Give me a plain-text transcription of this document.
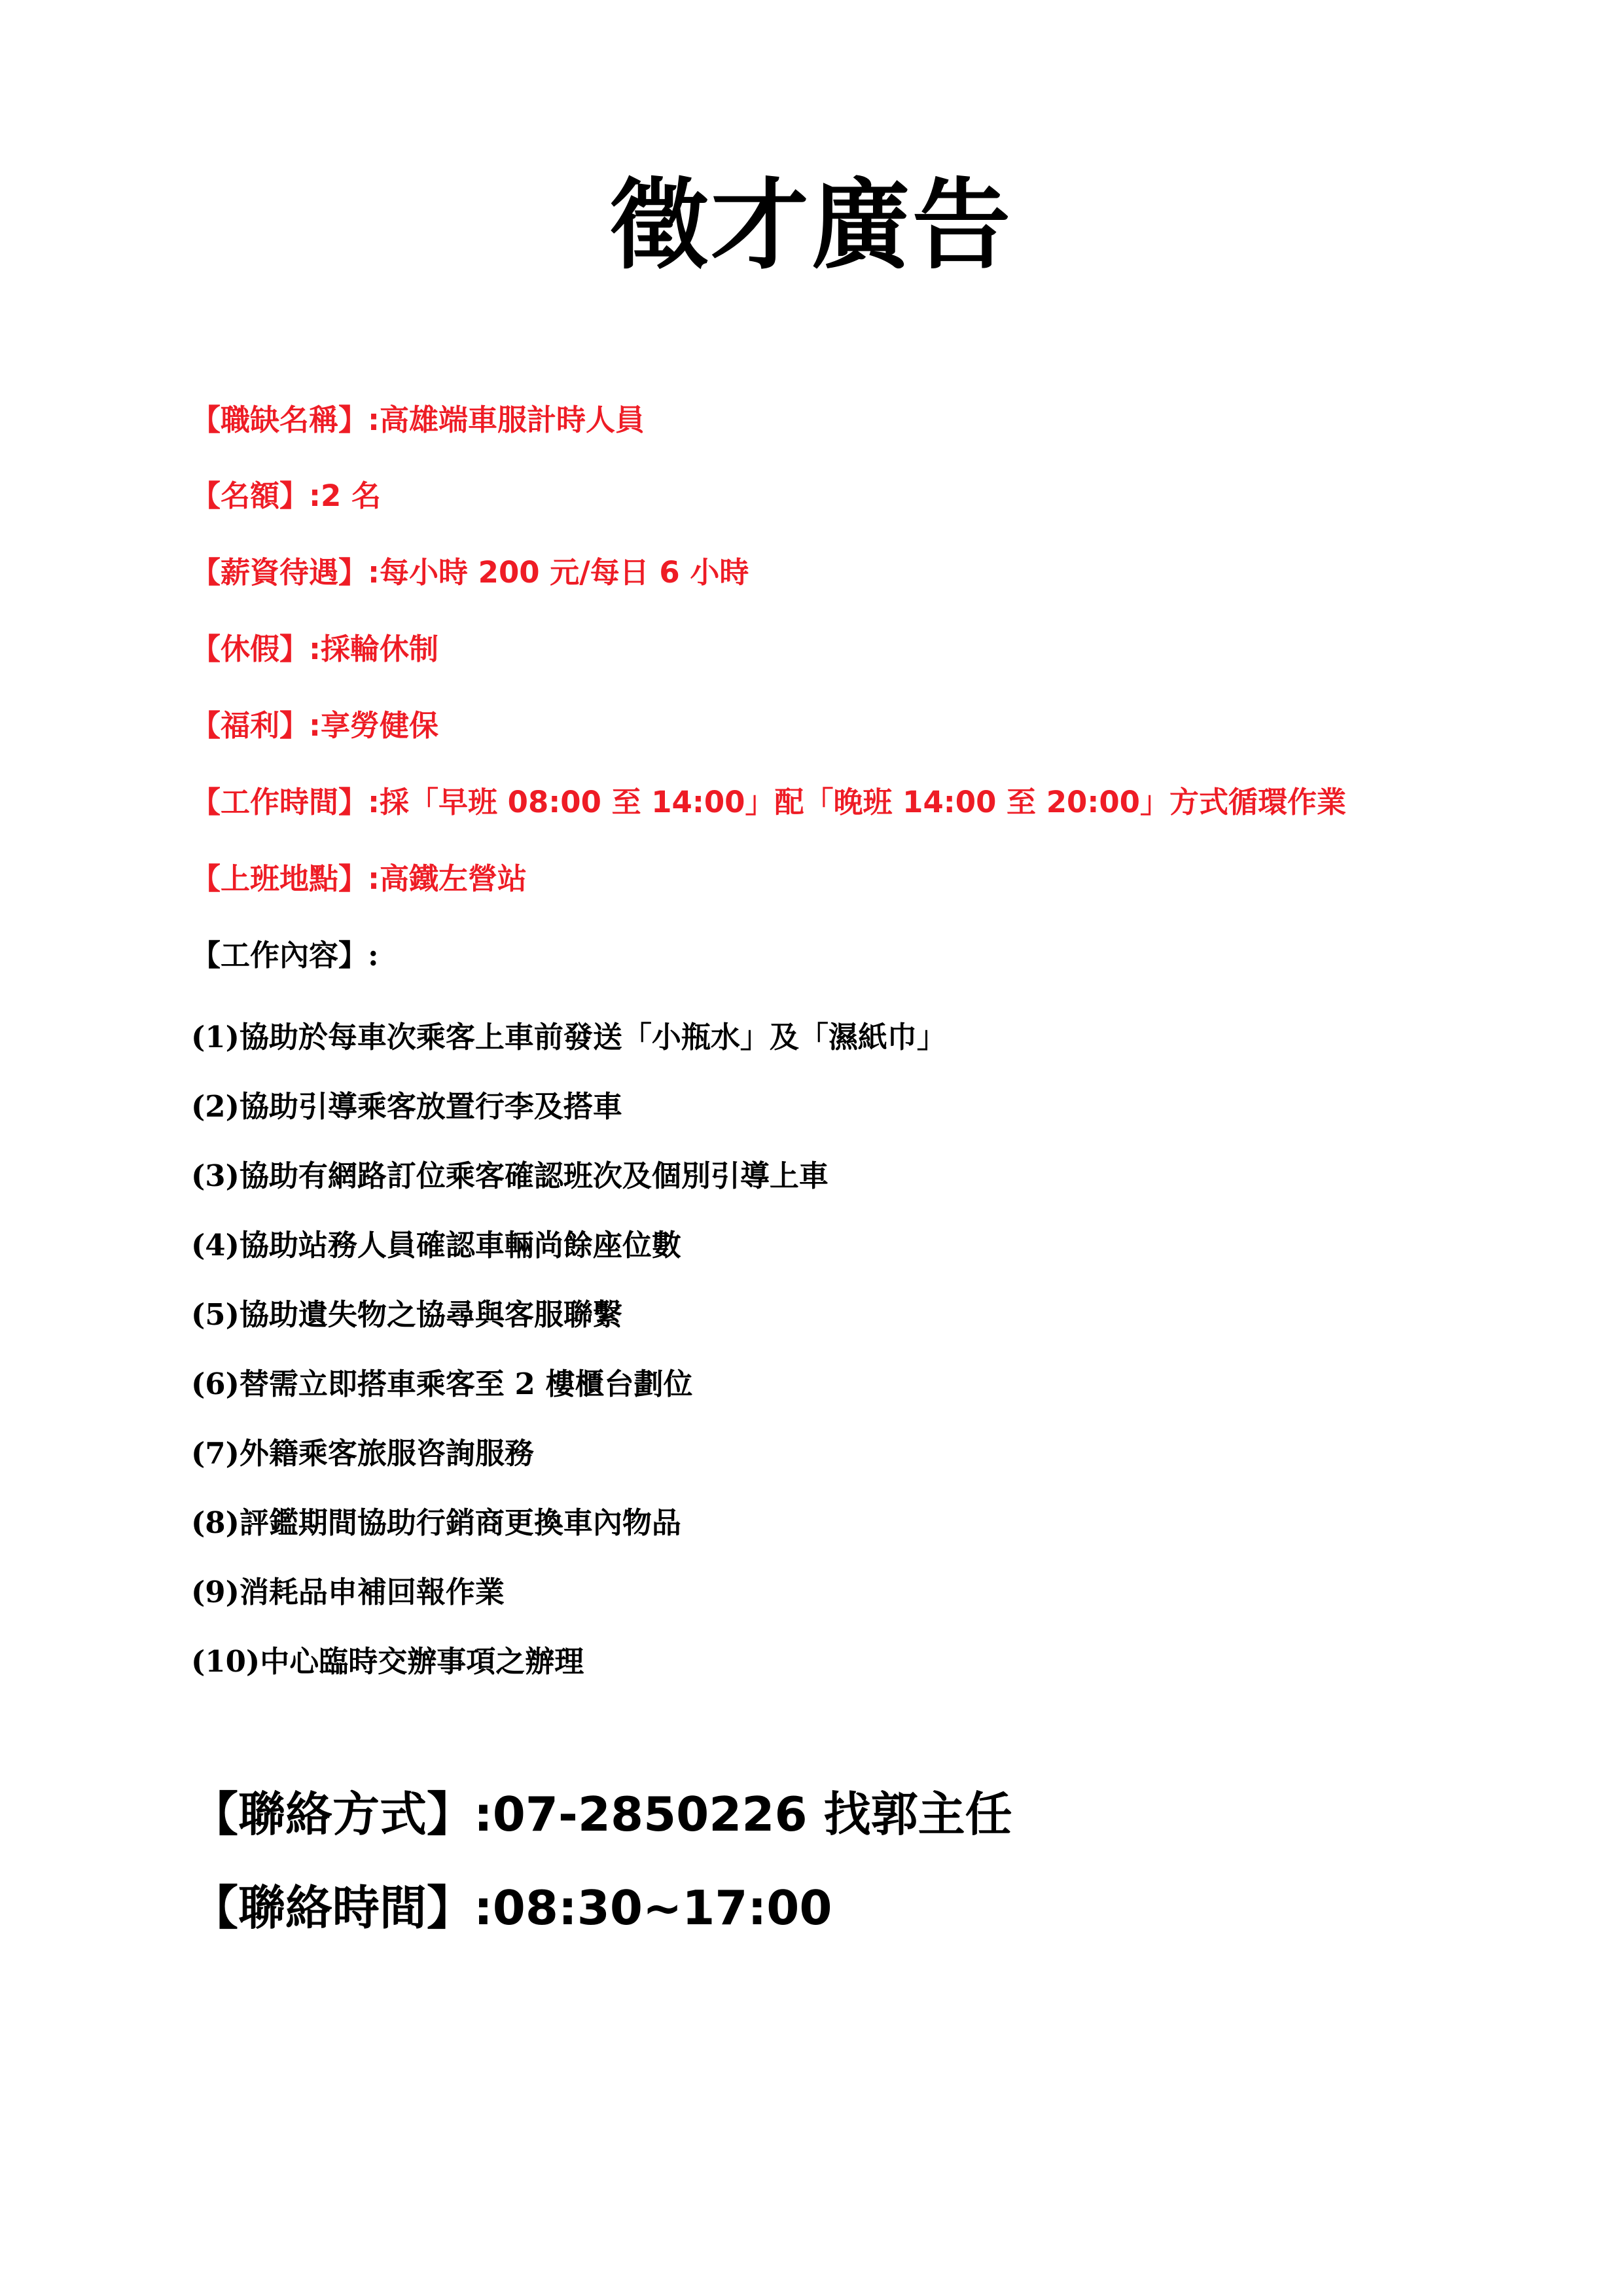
徵才廣告

【職缺名稱】:高雄端車服計時人員

【名額】:2 名

【薪資待遇】:每小時 200 元/每日 6 小時

【休假】:採輪休制

【福利】:享勞健保

【工作時間】:採「早班 08:00 至 14:00」配「晚班 14:00 至 20:00」方式循環作業

【上班地點】:高鐵左營站

【工作內容】:

(1)協助於每車次乘客上車前發送「小瓶水」及「濕紙巾」

(2)協助引導乘客放置行李及搭車

(3)協助有網路訂位乘客確認班次及個別引導上車

(4)協助站務人員確認車輛尚餘座位數

(5)協助遺失物之協尋與客服聯繫

(6)替需立即搭車乘客至 2 樓櫃台劃位

(7)外籍乘客旅服咨詢服務

(8)評鑑期間協助行銷商更換車內物品

(9)消耗品申補回報作業

(10)中心臨時交辦事項之辦理

【聯絡方式】:07-2850226 找郭主任

【聯絡時間】:08:30~17:00
